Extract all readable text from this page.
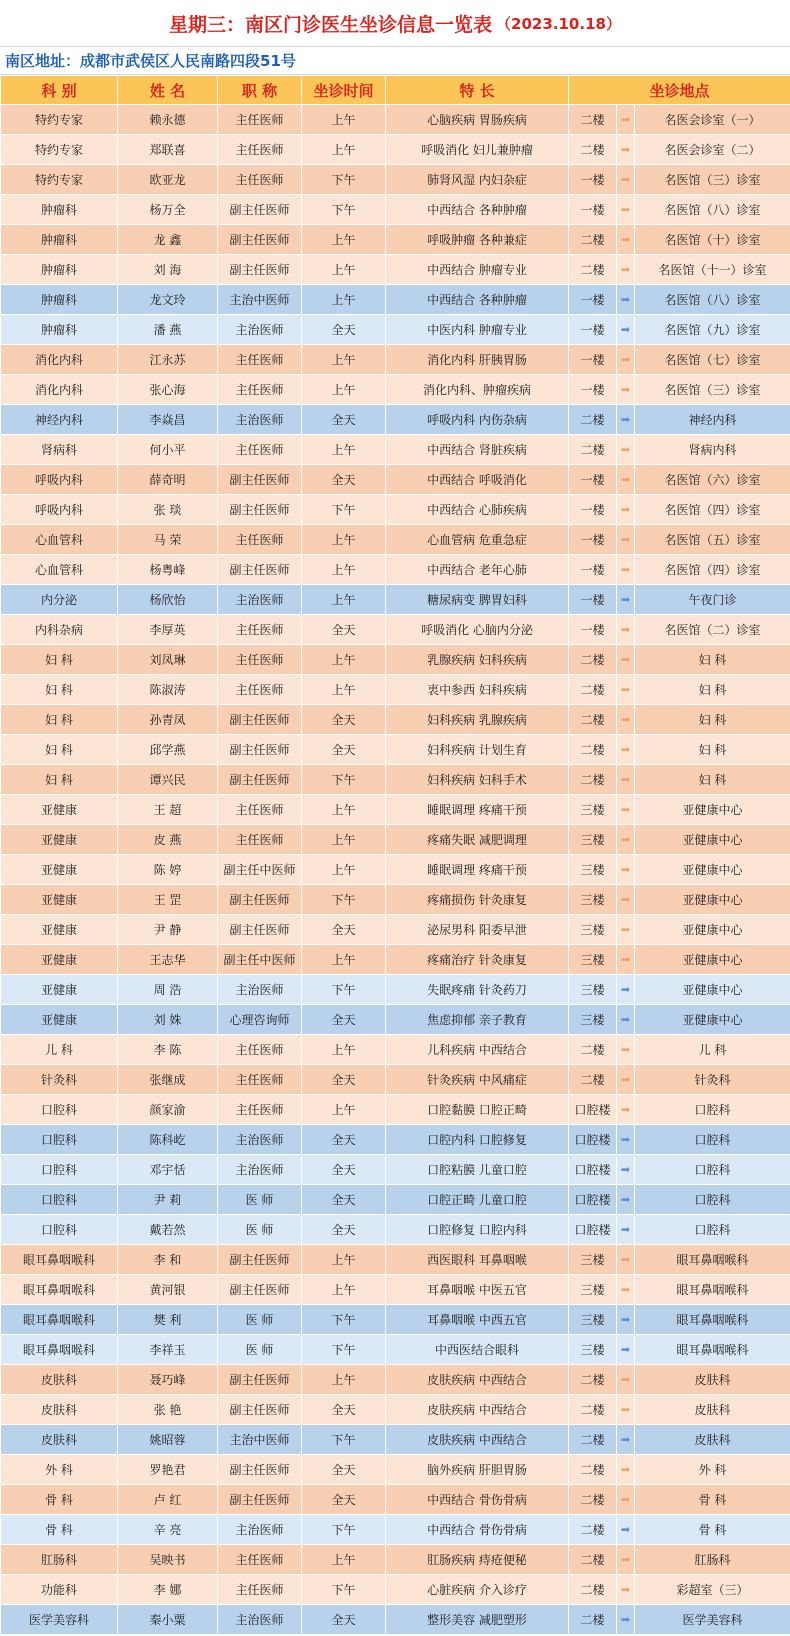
星期三：南区门诊医生坐诊信息一览表 （2023.10.18）
南区地址：成都市武侯区人民南路四段51号
科 别	姓 名	职 称	坐诊时间	特 长	坐诊地点		
特约专家	赖永德	主任医师	上午	心脑疾病 胃肠疾病	二楼	➡	名医会诊室（一）
特约专家	郑联喜	主任医师	上午	呼吸消化 妇儿兼肿瘤	二楼	➡	名医会诊室（二）
特约专家	欧亚龙	主任医师	下午	肺肾风湿 内妇杂症	一楼	➡	名医馆（三）诊室
肿瘤科	杨万全	副主任医师	下午	中西结合 各种肿瘤	一楼	➡	名医馆（八）诊室
肿瘤科	龙 鑫	副主任医师	上午	呼吸肿瘤 各种兼症	二楼	➡	名医馆（十）诊室
肿瘤科	刘 海	副主任医师	上午	中西结合 肿瘤专业	二楼	➡	名医馆（十一）诊室
肿瘤科	龙文玲	主治中医师	上午	中西结合 各种肿瘤	一楼	➡	名医馆（八）诊室
肿瘤科	潘 燕	主治医师	全天	中医内科 肿瘤专业	一楼	➡	名医馆（九）诊室
消化内科	江永苏	主任医师	上午	消化内科 肝胰胃肠	一楼	➡	名医馆（七）诊室
消化内科	张心海	主任医师	上午	消化内科、肿瘤疾病	一楼	➡	名医馆（三）诊室
神经内科	李焱昌	主治医师	全天	呼吸内科 内伤杂病	二楼	➡	神经内科
肾病科	何小平	主任医师	上午	中西结合 肾脏疾病	二楼	➡	肾病内科
呼吸内科	薛奇明	副主任医师	全天	中西结合 呼吸消化	一楼	➡	名医馆（六）诊室
呼吸内科	张 琰	副主任医师	下午	中西结合 心肺疾病	一楼	➡	名医馆（四）诊室
心血管科	马 荣	主任医师	上午	心血管病 危重急症	一楼	➡	名医馆（五）诊室
心血管科	杨粤峰	副主任医师	上午	中西结合 老年心肺	一楼	➡	名医馆（四）诊室
内分泌	杨欣怡	主治医师	上午	糖尿病变 脾胃妇科	一楼	➡	午夜门诊
内科杂病	李厚英	主任医师	全天	呼吸消化 心脑内分泌	一楼	➡	名医馆（二）诊室
妇 科	刘凤琳	主任医师	上午	乳腺疾病 妇科疾病	二楼	➡	妇 科
妇 科	陈淑涛	主任医师	上午	衷中参西 妇科疾病	二楼	➡	妇 科
妇 科	孙青凤	副主任医师	全天	妇科疾病 乳腺疾病	二楼	➡	妇 科
妇 科	邱学燕	副主任医师	全天	妇科疾病 计划生育	二楼	➡	妇 科
妇 科	谭兴民	副主任医师	下午	妇科疾病 妇科手术	二楼	➡	妇 科
亚健康	王 超	主任医师	上午	睡眠调理 疼痛干预	三楼	➡	亚健康中心
亚健康	皮 燕	主任医师	上午	疼痛失眠 减肥调理	三楼	➡	亚健康中心
亚健康	陈 婷	副主任中医师	上午	睡眠调理 疼痛干预	三楼	➡	亚健康中心
亚健康	王 罡	副主任医师	下午	疼痛损伤 针灸康复	三楼	➡	亚健康中心
亚健康	尹 静	副主任医师	全天	泌尿男科 阳委早泄	三楼	➡	亚健康中心
亚健康	王志华	副主任中医师	上午	疼痛治疗 针灸康复	三楼	➡	亚健康中心
亚健康	周 浩	主治医师	下午	失眠疼痛 针灸药刀	三楼	➡	亚健康中心
亚健康	刘 姝	心理咨询师	全天	焦虑抑郁 亲子教育	三楼	➡	亚健康中心
儿 科	李 陈	主任医师	上午	儿科疾病 中西结合	二楼	➡	儿 科
针灸科	张继成	主任医师	全天	针灸疾病 中风痛症	二楼	➡	针灸科
口腔科	颜家渝	主任医师	上午	口腔黏膜 口腔正畸	口腔楼	➡	口腔科
口腔科	陈科屹	主治医师	全天	口腔内科 口腔修复	口腔楼	➡	口腔科
口腔科	邓宇恬	主治医师	全天	口腔粘膜 儿童口腔	口腔楼	➡	口腔科
口腔科	尹 莉	医 师	全天	口腔正畸 儿童口腔	口腔楼	➡	口腔科
口腔科	戴若然	医 师	全天	口腔修复 口腔内科	口腔楼	➡	口腔科
眼耳鼻咽喉科	李 和	副主任医师	上午	西医眼科 耳鼻咽喉	三楼	➡	眼耳鼻咽喉科
眼耳鼻咽喉科	黄河银	副主任医师	上午	耳鼻咽喉 中医五官	三楼	➡	眼耳鼻咽喉科
眼耳鼻咽喉科	樊 利	医 师	下午	耳鼻咽喉 中西五官	三楼	➡	眼耳鼻咽喉科
眼耳鼻咽喉科	李祥玉	医 师	下午	中西医结合眼科	三楼	➡	眼耳鼻咽喉科
皮肤科	聂巧峰	副主任医师	上午	皮肤疾病 中西结合	二楼	➡	皮肤科
皮肤科	张 艳	副主任医师	全天	皮肤疾病 中西结合	二楼	➡	皮肤科
皮肤科	姚昭蓉	主治中医师	下午	皮肤疾病 中西结合	二楼	➡	皮肤科
外 科	罗艳君	副主任医师	全天	脑外疾病 肝胆胃肠	二楼	➡	外 科
骨 科	卢 红	副主任医师	全天	中西结合 骨伤骨病	二楼	➡	骨 科
骨 科	辛 亮	主治医师	下午	中西结合 骨伤骨病	二楼	➡	骨 科
肛肠科	吴映书	主任医师	上午	肛肠疾病 痔疮便秘	二楼	➡	肛肠科
功能科	李 娜	主任医师	下午	心脏疾病 介入诊疗	二楼	➡	彩超室（三）
医学美容科	秦小粟	主治医师	全天	整形美容 减肥塑形	二楼	➡	医学美容科
